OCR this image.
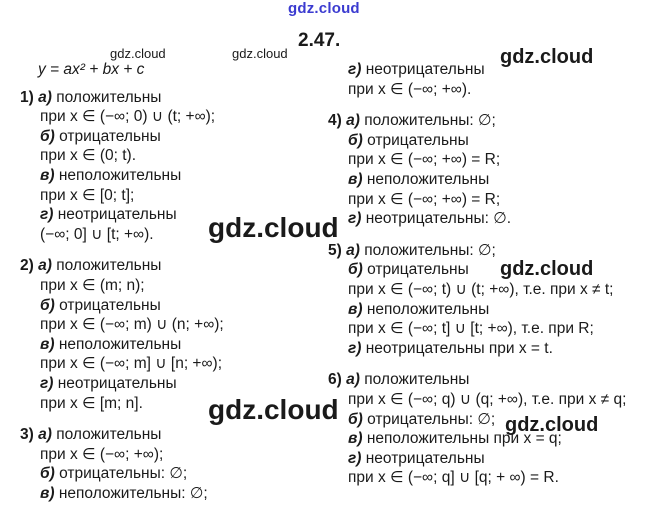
gdz.cloud
gdz.cloud	gdz.cloud
2.47.
gdz.cloud
y = ax² + bx + c
1) а) положительны
при x ∈ (−∞; 0) ∪ (t; +∞);
б) отрицательны
при x ∈ (0; t).
в) неположительны
при x ∈ [0; t];
г) неотрицательны
(−∞; 0] ∪ [t; +∞).
2) а) положительны
при x ∈ (m; n);
б) отрицательны
при x ∈ (−∞; m) ∪ (n; +∞);
в) неположительны
при x ∈ (−∞; m] ∪ [n; +∞);
г) неотрицательны
при x ∈ [m; n].
3) а) положительны
при x ∈ (−∞; +∞);
б) отрицательны: ∅;
в) неположительны: ∅;
г) неотрицательны
при x ∈ (−∞; +∞).
4) а) положительны: ∅;
б) отрицательны
при x ∈ (−∞; +∞) = R;
в) неположительны
при x ∈ (−∞; +∞) = R;
г) неотрицательны: ∅.
5) а) положительны: ∅;
б) отрицательны
при x ∈ (−∞; t) ∪ (t; +∞), т.е. при x ≠ t;
в) неположительны
при x ∈ (−∞; t] ∪ [t; +∞), т.е. при R;
г) неотрицательны при x = t.
6) а) положительны
при x ∈ (−∞; q) ∪ (q; +∞), т.е. при x ≠ q;
б) отрицательны: ∅;
в) неположительны при x = q;
г) неотрицательны
при x ∈ (−∞; q] ∪ [q; + ∞) = R.
gdz.cloud
gdz.cloud
gdz.cloud	gdz.cloud
